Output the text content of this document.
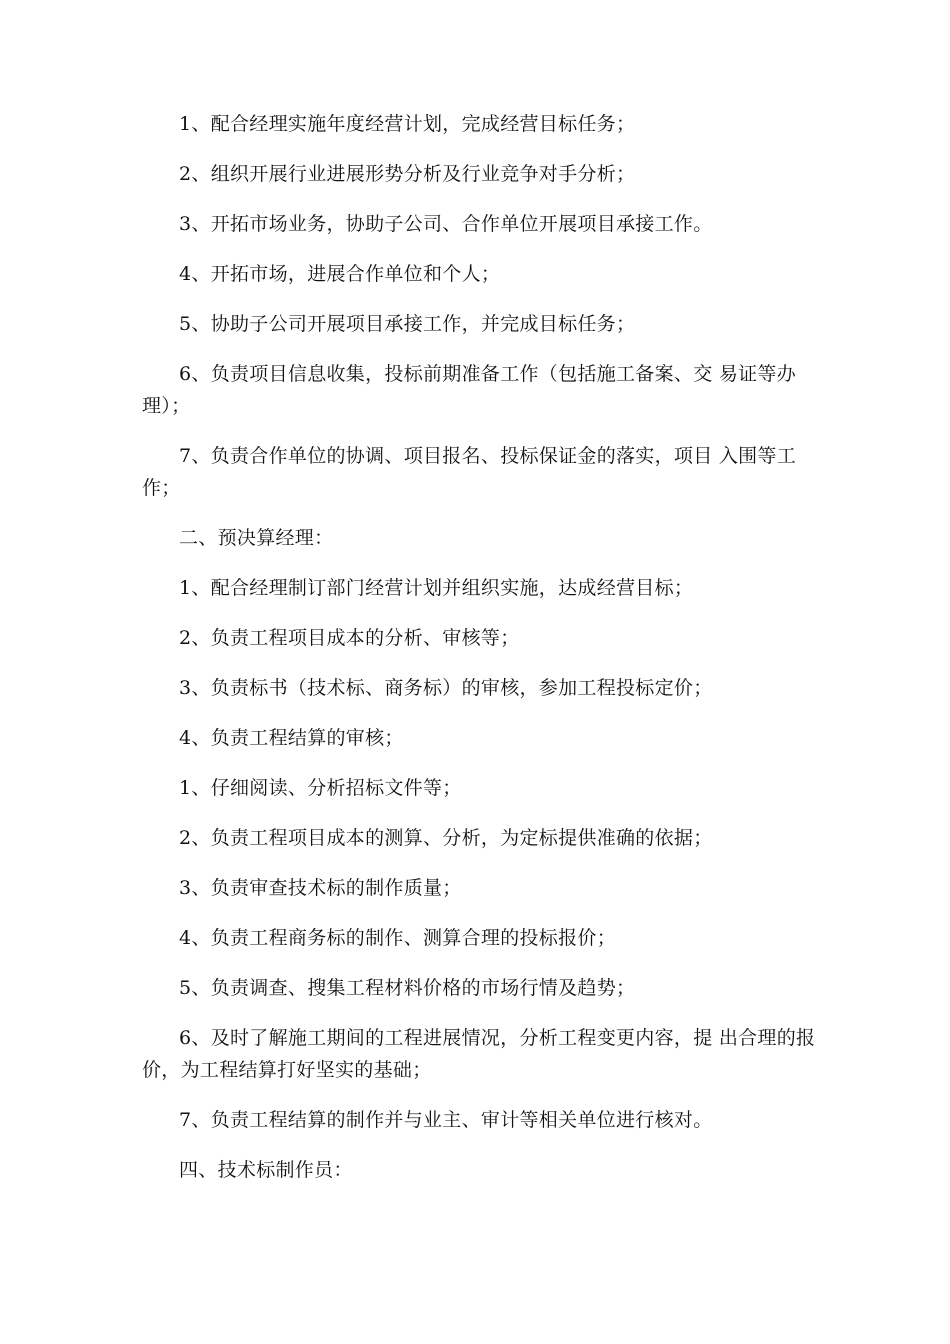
1、配合经理实施年度经营计划，完成经营目标任务；

2、组织开展行业进展形势分析及行业竞争对手分析；

3、开拓市场业务，协助子公司、合作单位开展项目承接工作。

4、开拓市场，进展合作单位和个人；

5、协助子公司开展项目承接工作，并完成目标任务；

6、负责项目信息收集，投标前期准备工作（包括施工备案、交 易证等办理）；

7、负责合作单位的协调、项目报名、投标保证金的落实，项目 入围等工作；

二、预决算经理：

1、配合经理制订部门经营计划并组织实施，达成经营目标；

2、负责工程项目成本的分析、审核等；

3、负责标书（技术标、商务标）的审核，参加工程投标定价；

4、负责工程结算的审核；

1、仔细阅读、分析招标文件等；

2、负责工程项目成本的测算、分析，为定标提供准确的依据；

3、负责审查技术标的制作质量；

4、负责工程商务标的制作、测算合理的投标报价；

5、负责调查、搜集工程材料价格的市场行情及趋势；

6、及时了解施工期间的工程进展情况，分析工程变更内容，提 出合理的报价，为工程结算打好坚实的基础；

7、负责工程结算的制作并与业主、审计等相关单位进行核对。

四、技术标制作员：
